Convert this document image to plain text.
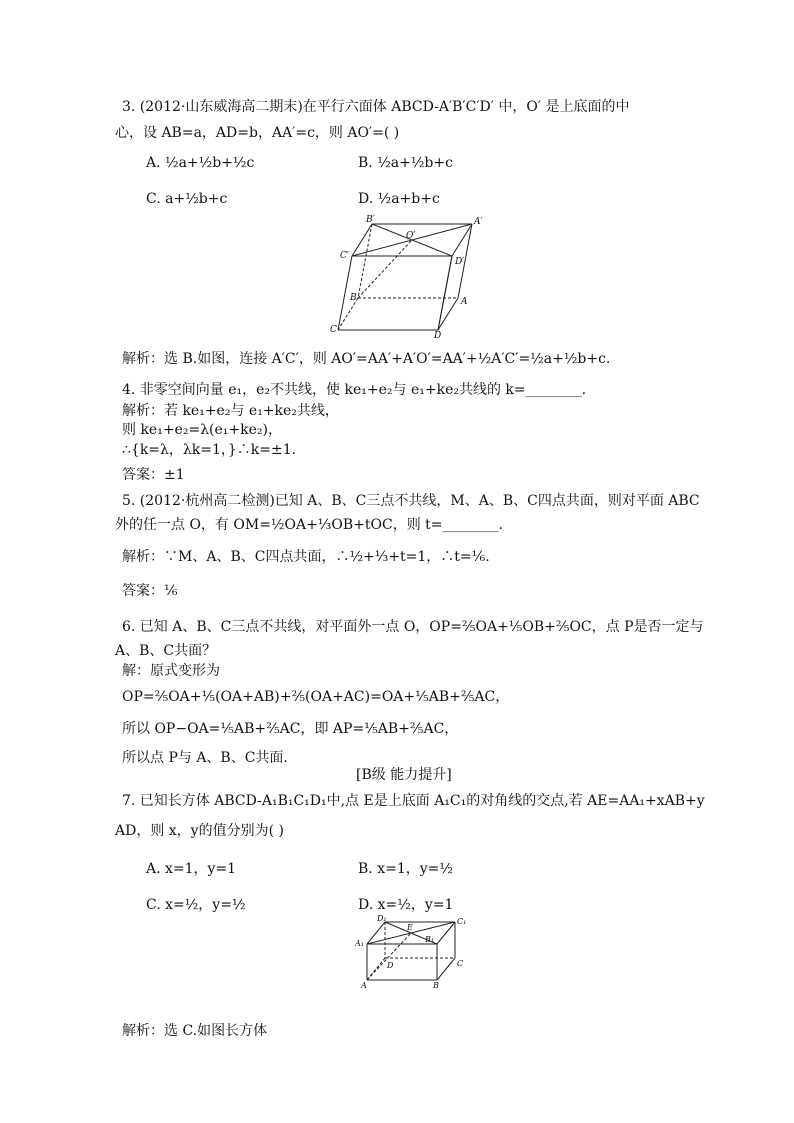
3. (2012·山东威海高二期末)在平行六面体 ABCD-A′B′C′D′ 中，O′ 是上底面的中
心，设 AB=a，AD=b，AA′=c，则 AO′=( )
A. ½a+½b+½c	B. ½a+½b+c
C. a+½b+c	D. ½a+b+c
B′	A′
O′
C′
D′
B	A
C
D
解析：选 B.如图，连接 A′C′，则 AO′=AA′+A′O′=AA′+½A′C′=½a+½b+c.
4. 非零空间向量 e₁，e₂不共线，使 ke₁+e₂与 e₁+ke₂共线的 k=________.
解析：若 ke₁+e₂与 e₁+ke₂共线，
则 ke₁+e₂=λ(e₁+ke₂)，
∴{k=λ，λk=1，}∴k=±1.
答案：±1
5. (2012·杭州高二检测)已知 A、B、C三点不共线，M、A、B、C四点共面，则对平面 ABC
外的任一点 O，有 OM=½OA+⅓OB+tOC，则 t=________.
解析：∵M、A、B、C四点共面，∴½+⅓+t=1，∴t=⅙.
答案：⅙
6. 已知 A、B、C三点不共线，对平面外一点 O，OP=⅖OA+⅕OB+⅖OC，点 P是否一定与
A、B、C共面？
解：原式变形为
OP=⅖OA+⅕(OA+AB)+⅖(OA+AC)=OA+⅕AB+⅖AC，
所以 OP−OA=⅕AB+⅖AC，即 AP=⅕AB+⅖AC，
所以点 P与 A、B、C共面.
[B级 能力提升]
7. 已知长方体 ABCD-A₁B₁C₁D₁中,点 E是上底面 A₁C₁的对角线的交点,若 AE=AA₁+xAB+y
AD，则 x，y的值分别为( )
A. x=1，y=1	B. x=1，y=½
C. x=½，y=½	D. x=½，y=1
D₁	C₁
A₁
E
B₁
D	C
A	B
解析：选 C.如图长方体
